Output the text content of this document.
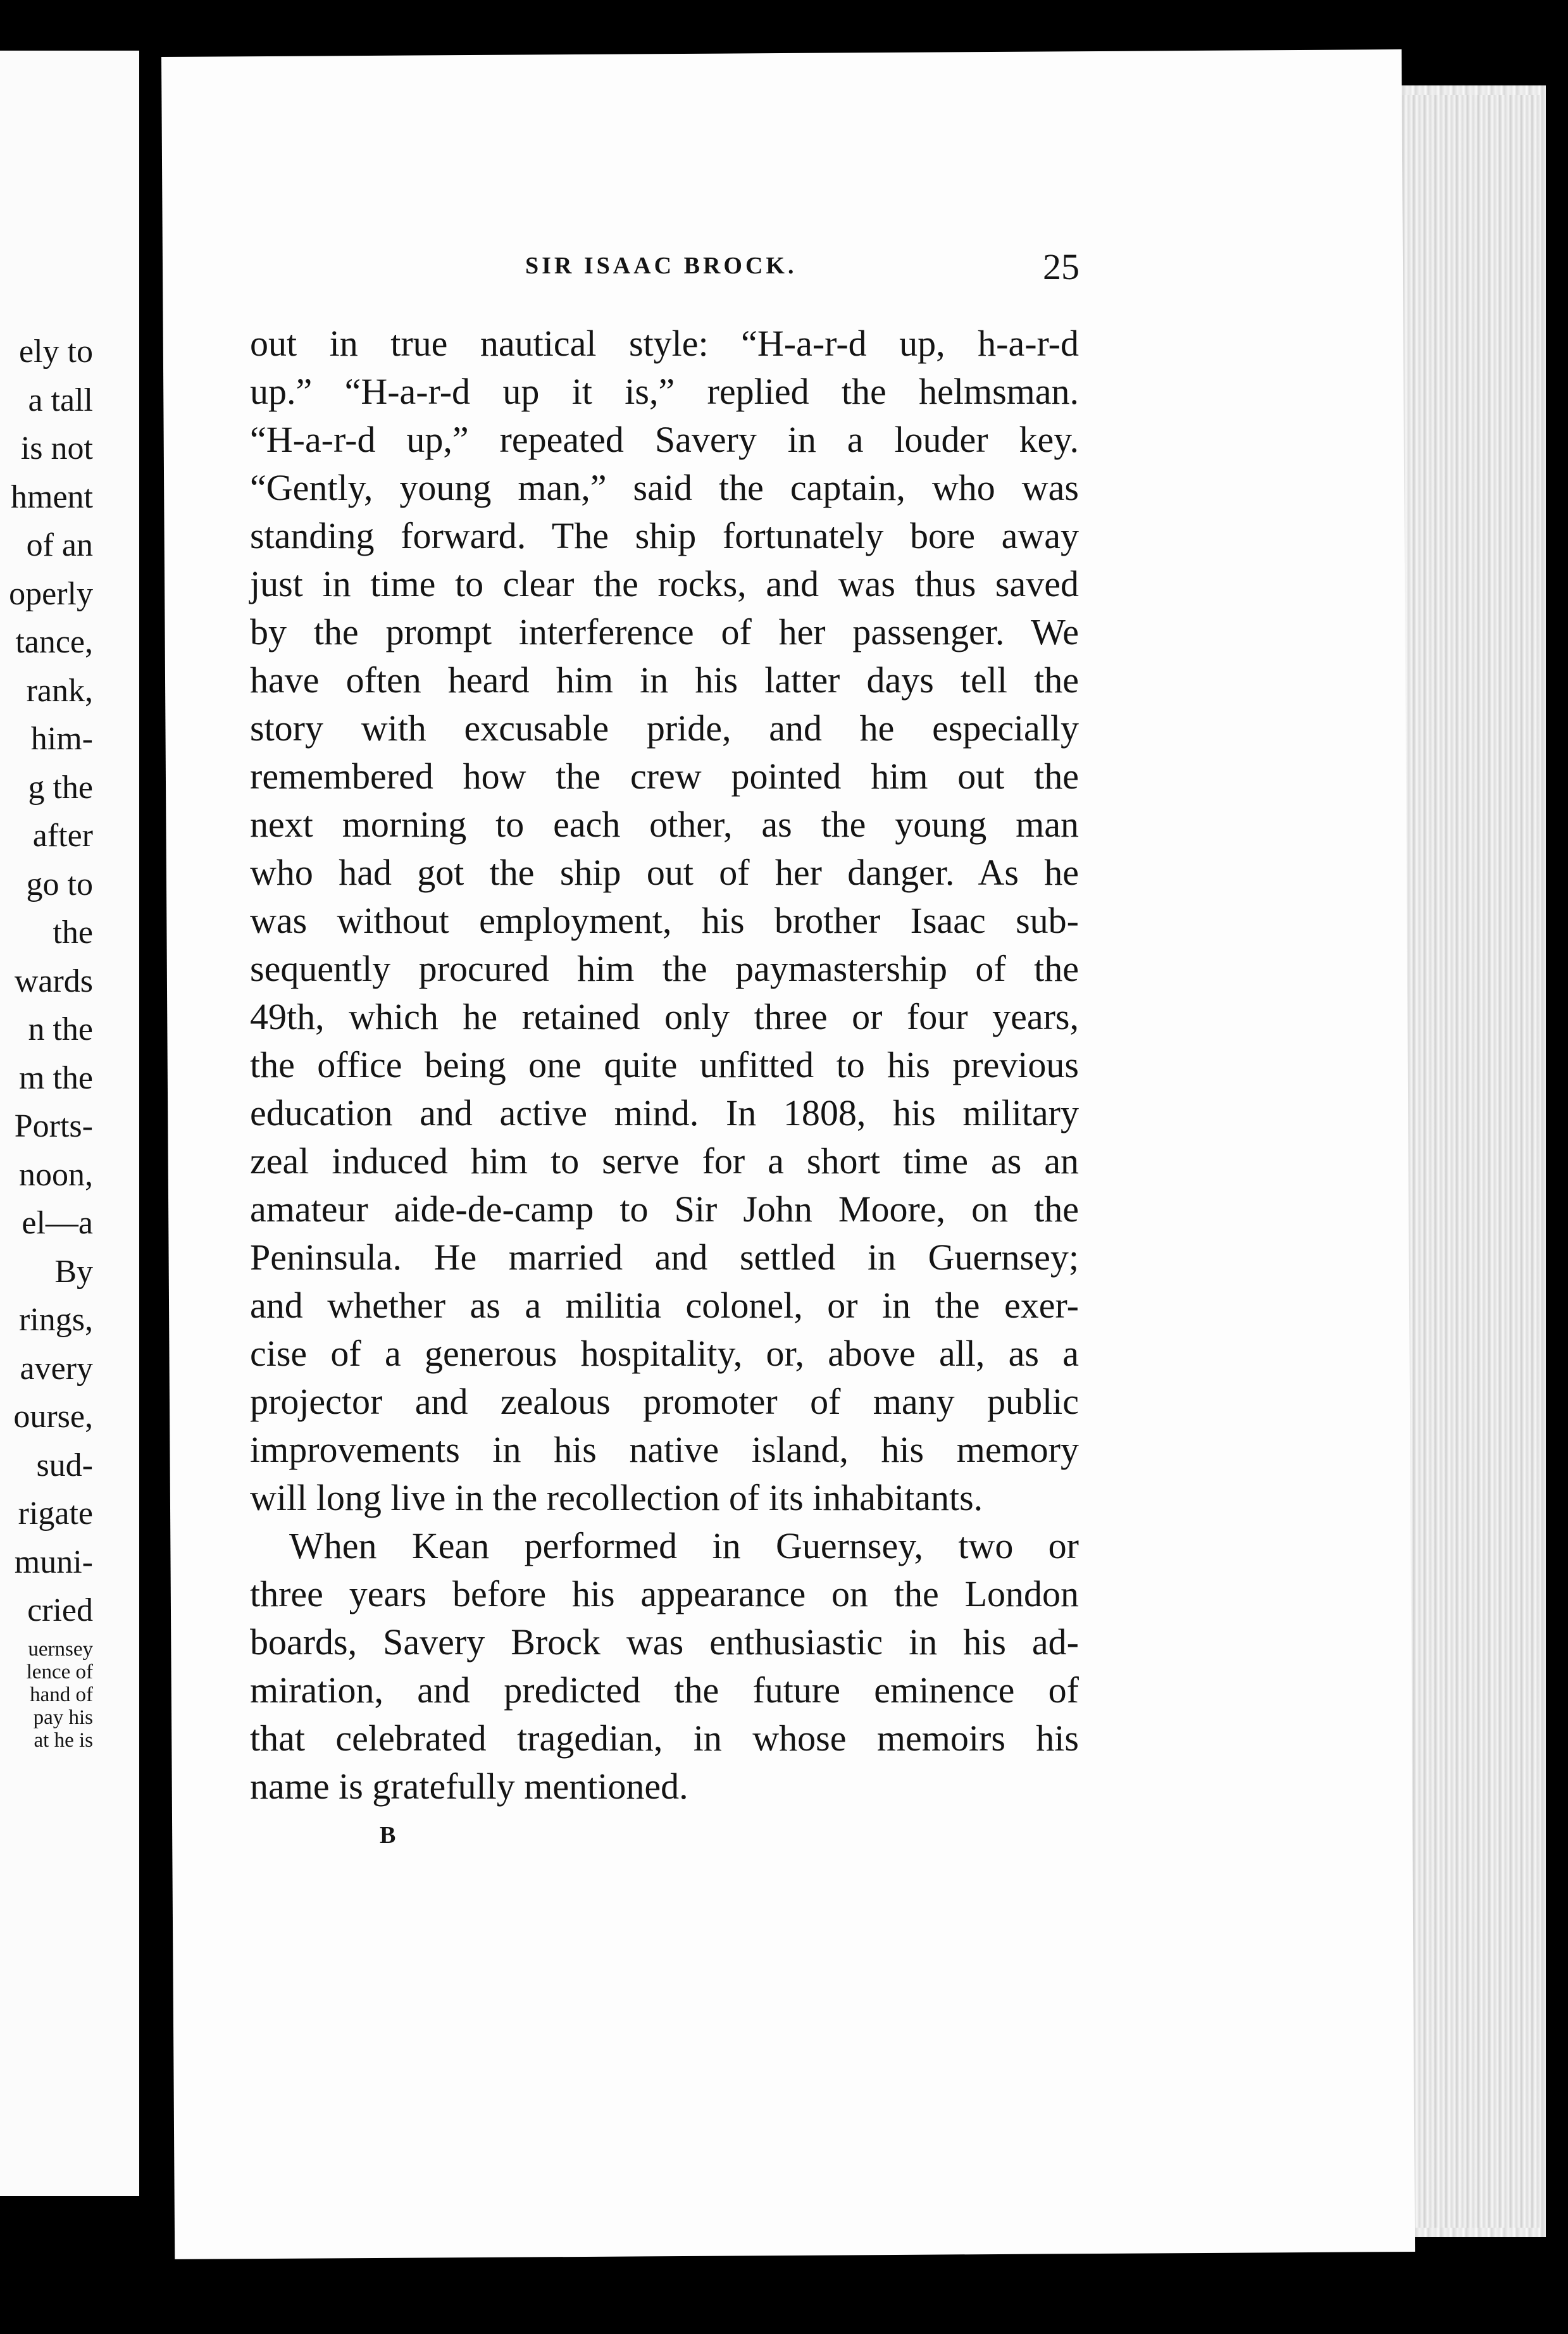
ely to
a tall
is not
hment
of an
operly
tance,
rank,
him-
g the
after
go to
the
wards
n the
m the
Ports-
noon,
el—a
By
rings,
avery
ourse,
sud-
rigate
muni-
cried
uernsey
lence of
hand of
pay his
at he is
SIR ISAAC BROCK.	25
out in true nautical style: “H-a-r-d up, h-a-r-d
up.” “H-a-r-d up it is,” replied the helmsman.
“H-a-r-d up,” repeated Savery in a louder key.
“Gently, young man,” said the captain, who was
standing forward. The ship fortunately bore away
just in time to clear the rocks, and was thus saved
by the prompt interference of her passenger. We
have often heard him in his latter days tell the
story with excusable pride, and he especially
remembered how the crew pointed him out the
next morning to each other, as the young man
who had got the ship out of her danger. As he
was without employment, his brother Isaac sub-
sequently procured him the paymastership of the
49th, which he retained only three or four years,
the office being one quite unfitted to his previous
education and active mind. In 1808, his military
zeal induced him to serve for a short time as an
amateur aide-de-camp to Sir John Moore, on the
Peninsula. He married and settled in Guernsey;
and whether as a militia colonel, or in the exer-
cise of a generous hospitality, or, above all, as a
projector and zealous promoter of many public
improvements in his native island, his memory
will long live in the recollection of its inhabitants.
When Kean performed in Guernsey, two or
three years before his appearance on the London
boards, Savery Brock was enthusiastic in his ad-
miration, and predicted the future eminence of
that celebrated tragedian, in whose memoirs his
name is gratefully mentioned.
B
